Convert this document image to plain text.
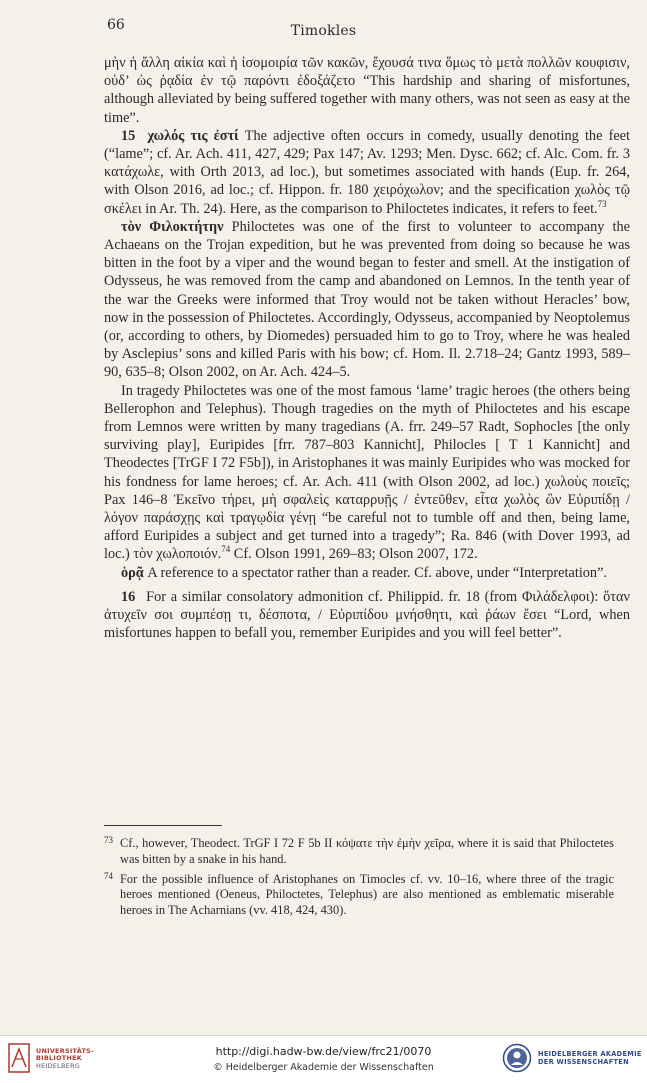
66	Timokles

μὴν ἡ ἄλλη αἰκία καὶ ἡ ἰσομοιρία τῶν κακῶν, ἔχουσά τινα ὅμως τὸ μετὰ πολλῶν κουφισιν, οὐδ’ ὡς ῥᾳδία ἐν τῷ παρόντι ἐδοξάζετο “This hardship and sharing of misfortunes, although alleviated by being suffered together with many others, was not seen as easy at the time”.

15 χωλός τις ἐστί The adjective often occurs in comedy, usually denoting the feet (“lame”; cf. Ar. Ach. 411, 427, 429; Pax 147; Av. 1293; Men. Dysc. 662; cf. Alc. Com. fr. 3 κατάχωλε, with Orth 2013, ad loc.), but sometimes associated with hands (Eup. fr. 264, with Olson 2016, ad loc.; cf. Hippon. fr. 180 χειρόχωλον; and the specification χωλὸς τῷ σκέλει in Ar. Th. 24). Here, as the comparison to Philoctetes indicates, it refers to feet.$^{73}$

τὸν Φιλοκτήτην Philoctetes was one of the first to volunteer to accompany the Achaeans on the Trojan expedition, but he was prevented from doing so because he was bitten in the foot by a viper and the wound began to fester and smell. At the instigation of Odysseus, he was removed from the camp and abandoned on Lemnos. In the tenth year of the war the Greeks were informed that Troy would not be taken without Heracles’ bow, now in the possession of Philoctetes. Accordingly, Odysseus, accompanied by Neoptolemus (or, according to others, by Diomedes) persuaded him to go to Troy, where he was healed by Asclepius’ sons and killed Paris with his bow; cf. Hom. Il. 2.718–24; Gantz 1993, 589–90, 635–8; Olson 2002, on Ar. Ach. 424–5.

In tragedy Philoctetes was one of the most famous ‘lame’ tragic heroes (the others being Bellerophon and Telephus). Though tragedies on the myth of Philoctetes and his escape from Lemnos were written by many tragedians (A. frr. 249–57 Radt, Sophocles [the only surviving play], Euripides [frr. 787–803 Kannicht], Philocles [ T 1 Kannicht] and Theodectes [TrGF I 72 F5b]), in Aristophanes it was mainly Euripides who was mocked for his fondness for lame heroes; cf. Ar. Ach. 411 (with Olson 2002, ad loc.) χωλοὺς ποιεῖς; Pax 146–8 Ἐκεῖνο τήρει, μὴ σφαλεὶς καταρρυῇς / ἐντεῦθεν, εἶτα χωλὸς ὢν Εὐριπίδῃ / λόγον παράσχῃς καὶ τραγῳδία γένῃ “be careful not to tumble off and then, being lame, afford Euripides a subject and get turned into a tragedy”; Ra. 846 (with Dover 1993, ad loc.) τὸν χωλοποιόν.$^{74}$ Cf. Olson 1991, 269–83; Olson 2007, 172.

ὁρᾷ A reference to a spectator rather than a reader. Cf. above, under “Interpretation”.

16 For a similar consolatory admonition cf. Philippid. fr. 18 (from Φιλάδελφοι): ὅταν ἀτυχεῖν σοι συμπέσῃ τι, δέσποτα, / Εὐριπίδου μνήσθητι, καὶ ῥάων ἔσει “Lord, when misfortunes happen to befall you, remember Euripides and you will feel better”.

73 Cf., however, Theodect. TrGF I 72 F 5b II κόψατε τὴν ἐμὴν χεῖρα, where it is said that Philoctetes was bitten by a snake in his hand.
74 For the possible influence of Aristophanes on Timocles cf. vv. 10–16, where three of the tragic heroes mentioned (Oeneus, Philoctetes, Telephus) are also mentioned as emblematic miserable heroes in The Acharnians (vv. 418, 424, 430).
UNIVERSITÄTS-
BIBLIOTHEK
HEIDELBERG
http://digi.hadw-bw.de/view/frc21/0070
© Heidelberger Akademie der Wissenschaften
HEIDELBERGER AKADEMIE
DER WISSENSCHAFTEN
